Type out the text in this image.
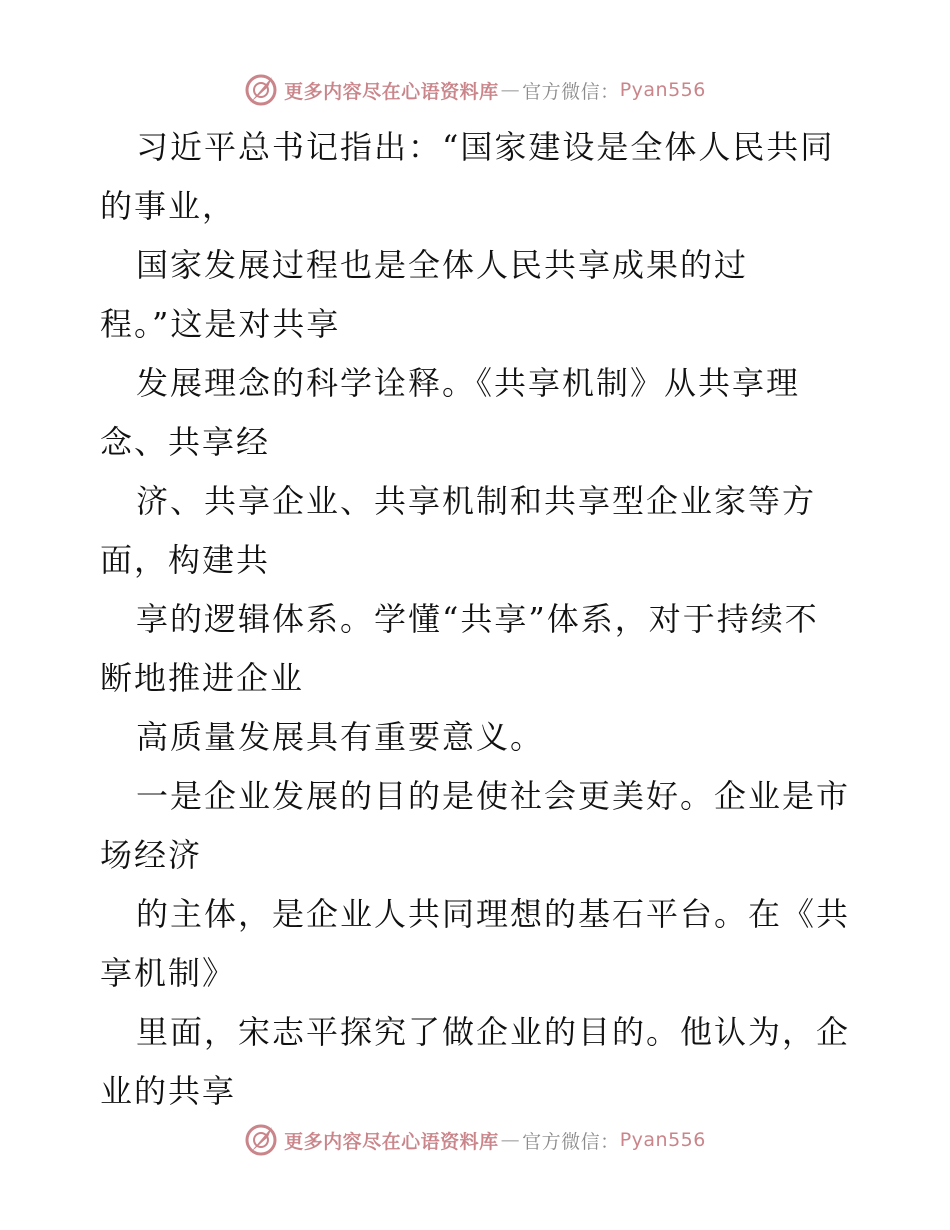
更多内容尽在心语资料库 — 官方微信： Pyan556
习近平总书记指出：“国家建设是全体人民共同
的事业，
国家发展过程也是全体人民共享成果的过
程。”这是对共享
发展理念的科学诠释。《共享机制》从共享理
念、共享经
济、共享企业、共享机制和共享型企业家等方
面，构建共
享的逻辑体系。学懂“共享”体系，对于持续不
断地推进企业
高质量发展具有重要意义。
一是企业发展的目的是使社会更美好。企业是市
场经济
的主体，是企业人共同理想的基石平台。在《共
享机制》
里面，宋志平探究了做企业的目的。他认为，企
业的共享
更多内容尽在心语资料库 — 官方微信： Pyan556
